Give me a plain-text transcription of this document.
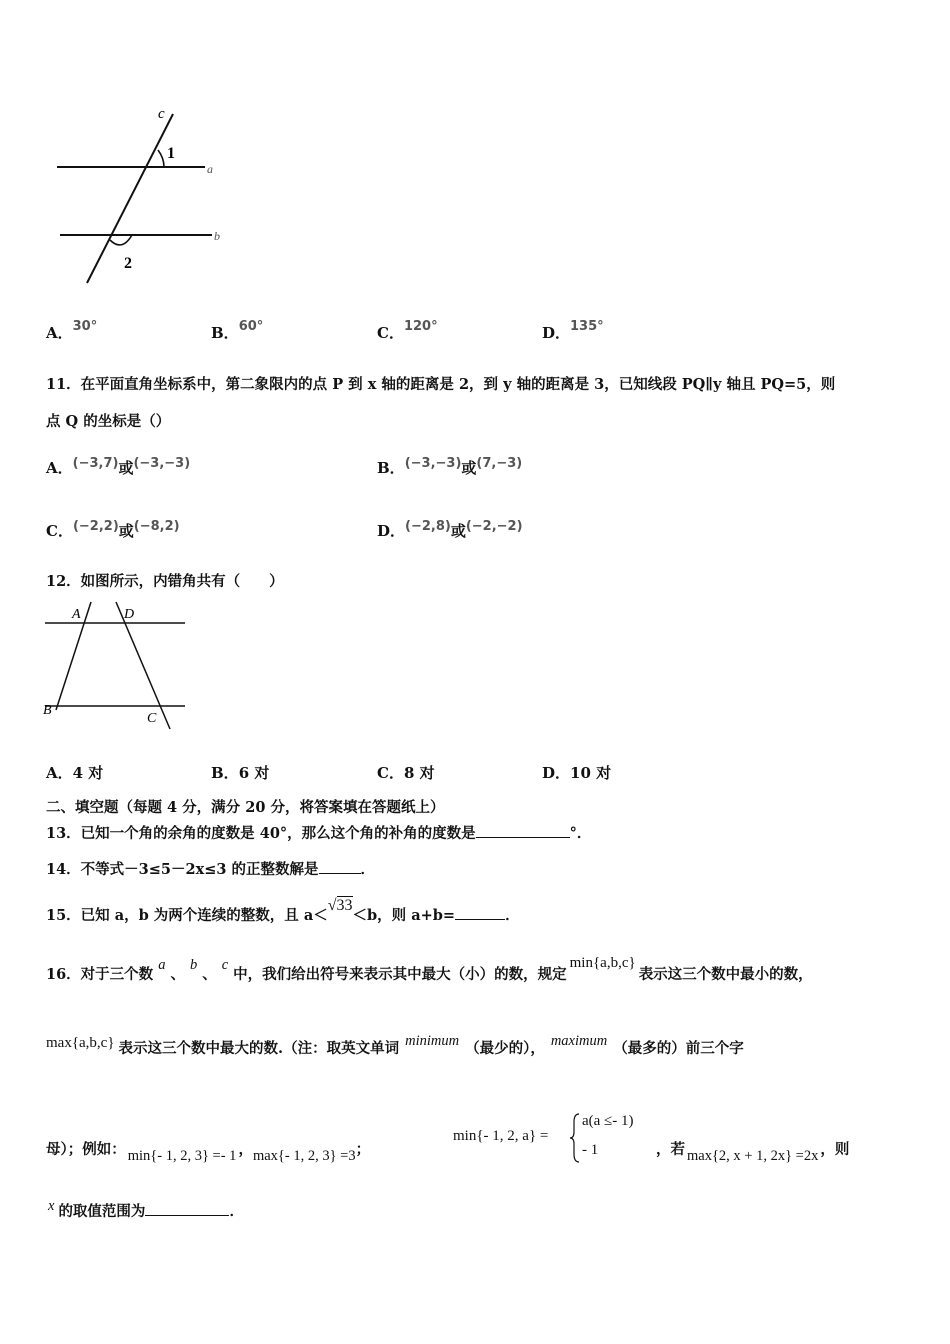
c
a
b
1
2
A．30°	B．60°	C．120°	D．135°
11．在平面直角坐标系中，第二象限内的点 P 到 x 轴的距离是 2，到 y 轴的距离是 3，已知线段 PQ∥y 轴且 PQ=5，则
点 Q 的坐标是（）
A．(−3,7)或(−3,−3)	B．(−3,−3)或(7,−3)
C．(−2,2)或(−8,2)	D．(−2,8)或(−2,−2)
12．如图所示，内错角共有（　　）
A	D
B
C
A．4 对	B．6 对	C．8 对	D．10 对
二、填空题（每题 4 分，满分 20 分，将答案填在答题纸上）
13．已知一个角的余角的度数是 40°，那么这个角的补角的度数是	°．
14．不等式－3≤5－2x≤3 的正整数解是	．
15．已知 a，b 为两个连续的整数，且 a＜√33＜b，则 a+b=	．
16．对于三个数a、b、c中，我们给出符号来表示其中最大（小）的数，规定min{a,b,c}表示这三个数中最小的数，
max{a,b,c} 表示这三个数中最大的数.（注：取英文单词 minimum （最少的）， maximum （最多的）前三个字
母）；例如： min{- 1, 2, 3} =- 1 ，max{- 1, 2, 3} =3；
min{- 1, 2, a} =
a(a ≤- 1)
- 1	，若 max{2, x + 1, 2x} =2x ，则
x 的取值范围为	．
